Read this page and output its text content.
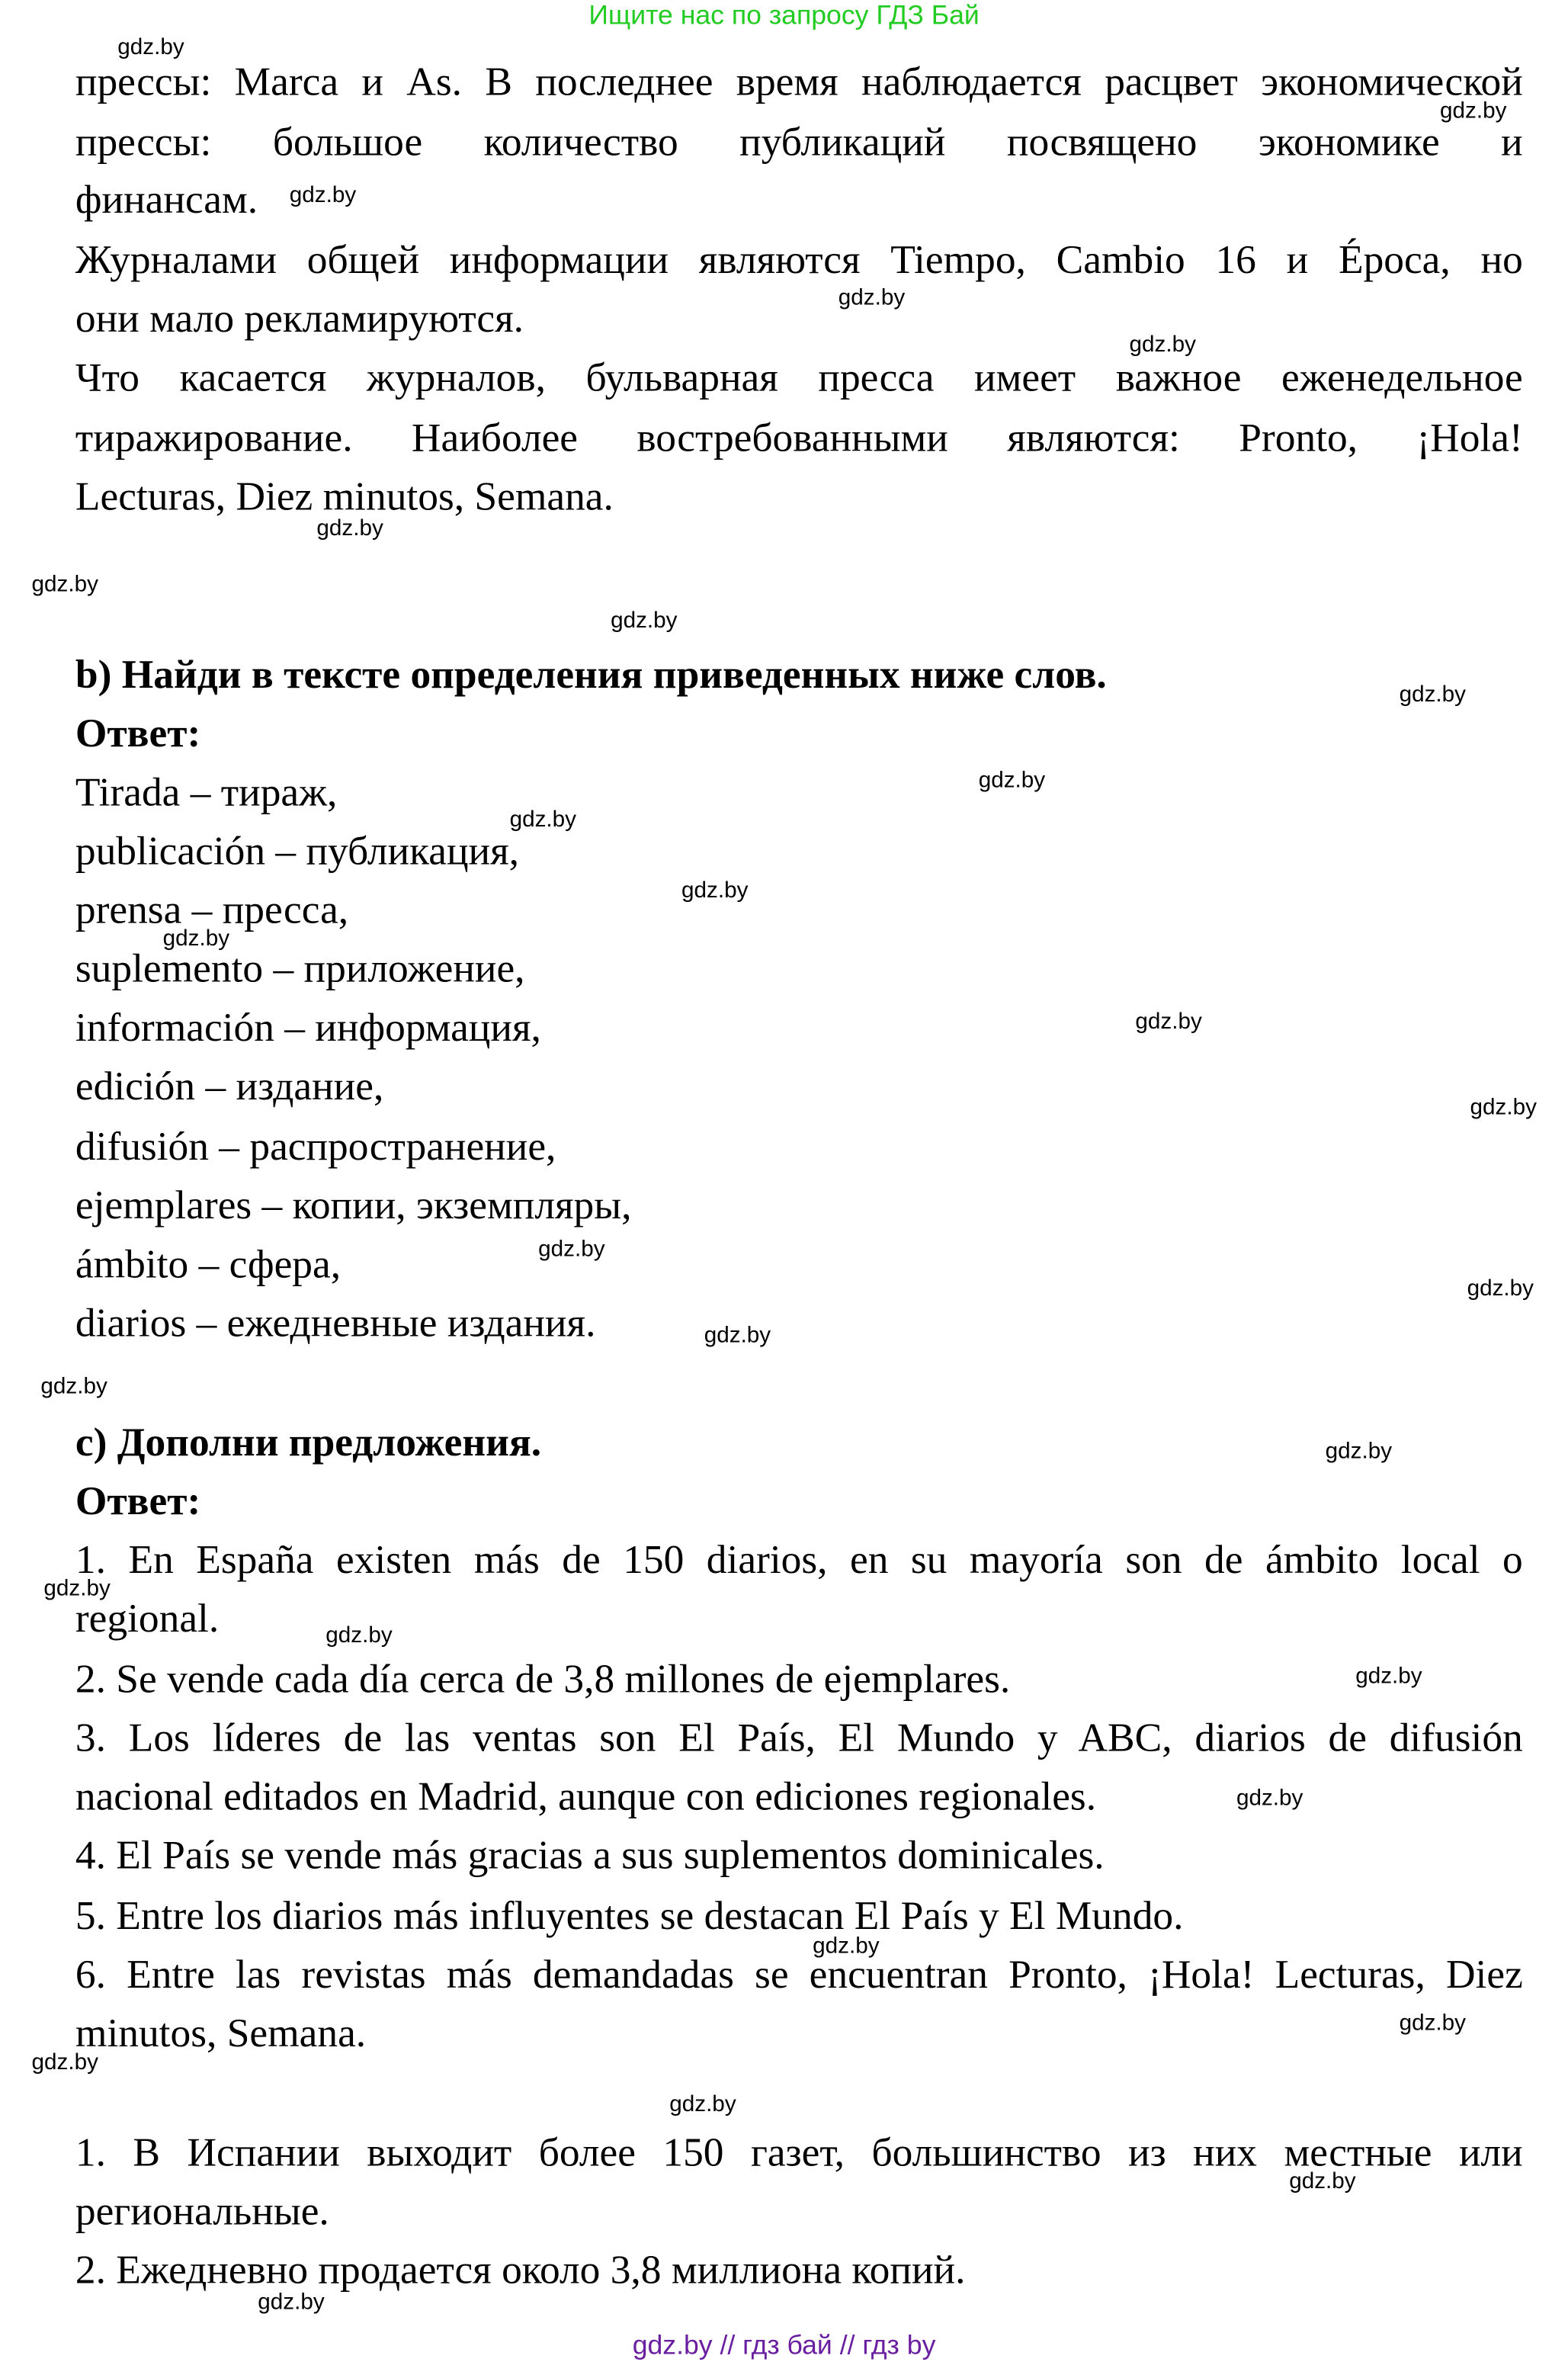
Ищите нас по запросу ГДЗ Бай
прессы: Marca и As. В последнее время наблюдается расцвет экономической
прессы: большое количество публикаций посвящено экономике и
финансам.
Журналами общей информации являются Tiempo, Cambio 16 и Época, но
они мало рекламируются.
Что касается журналов, бульварная пресса имеет важное еженедельное
тиражирование. Наиболее востребованными являются: Pronto, ¡Hola!
Lecturas, Diez minutos, Semana.
b) Найди в тексте определения приведенных ниже слов.
Ответ:
Tirada – тираж,
publicación – публикация,
prensa – пресса,
suplemento – приложение,
información – информация,
edición – издание,
difusión – распространение,
ejemplares – копии, экземпляры,
ámbito – сфера,
diarios – ежедневные издания.
c) Дополни предложения.
Ответ:
1. En España existen más de 150 diarios, en su mayoría son de ámbito local o
regional.
2. Se vende cada día cerca de 3,8 millones de ejemplares.
3. Los líderes de las ventas son El País, El Mundo y ABC, diarios de difusión
nacional editados en Madrid, aunque con ediciones regionales.
4. El País se vende más gracias a sus suplementos dominicales.
5. Entre los diarios más influyentes se destacan El País y El Mundo.
6. Entre las revistas más demandadas se encuentran Pronto, ¡Hola! Lecturas, Diez
minutos, Semana.
1. В Испании выходит более 150 газет, большинство из них местные или
региональные.
2. Ежедневно продается около 3,8 миллиона копий.
gdz.by
gdz.by
gdz.by
gdz.by
gdz.by
gdz.by
gdz.by
gdz.by
gdz.by
gdz.by
gdz.by
gdz.by
gdz.by
gdz.by
gdz.by
gdz.by
gdz.by
gdz.by
gdz.by
gdz.by
gdz.by
gdz.by
gdz.by
gdz.by
gdz.by
gdz.by
gdz.by
gdz.by
gdz.by
gdz.by
gdz.by // гдз бай // гдз by
